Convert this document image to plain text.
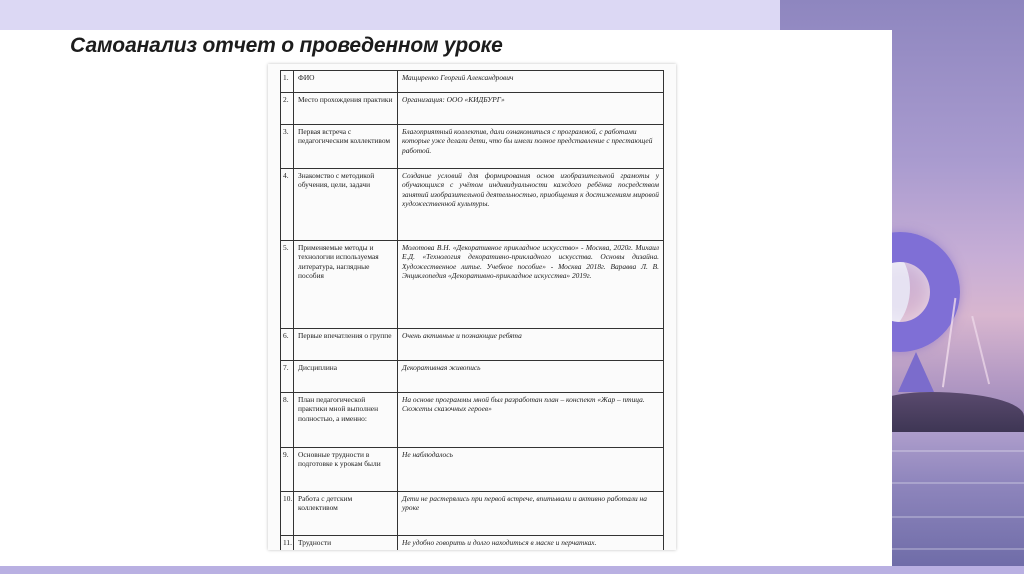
Самоанализ отчет о проведенном уроке
1.	ФИО	Мащиренко Георгий Александрович
2.	Место прохождения практики	Организация: ООО «КИДБУРГ»
3.	Первая встреча с педагогическим коллективом	Благоприятный коллектив, дали ознакомиться с программой, с работами которые уже делали дети, что бы имели полное представление с престающей работой.
4.	Знакомство с методикой обучения, цели, задачи	Создание условий для формирования основ изобразительной грамоты у обучающихся с учётом индивидуальности каждого ребёнка посредством занятий изобразительной деятельностью, приобщения к достижениям мировой художественной культуры.
5.	Применяемые методы и технологии используемая литература, наглядные пособия	Молотова В.Н. «Декоративное прикладное искусство» - Москва, 2020г. Михаил Е.Д. «Технология декоративно-прикладного искусства. Основы дизайна. Художественное литье. Учебное пособие» - Москва 2018г. Варавва Л. В. Энциклопедия «Декоративно-прикладное искусства» 2019г.
6.	Первые впечатления о группе	Очень активные и познающие ребята
7.	Дисциплина	Декоративная живопись
8.	План педагогической практики мной выполнен полностью, а именно:	На основе программы мной был разработан план – конспект «Жар – птица. Сюжеты сказочных героев»
9.	Основные трудности в подготовке к урокам были	Не наблюдалось
10.	Работа с детским коллективом	Дети не растерялись при первой встрече, впитывали и активно работали на уроке
11.	Трудности	Не удобно говорить и долго находиться в маске и перчатках.
